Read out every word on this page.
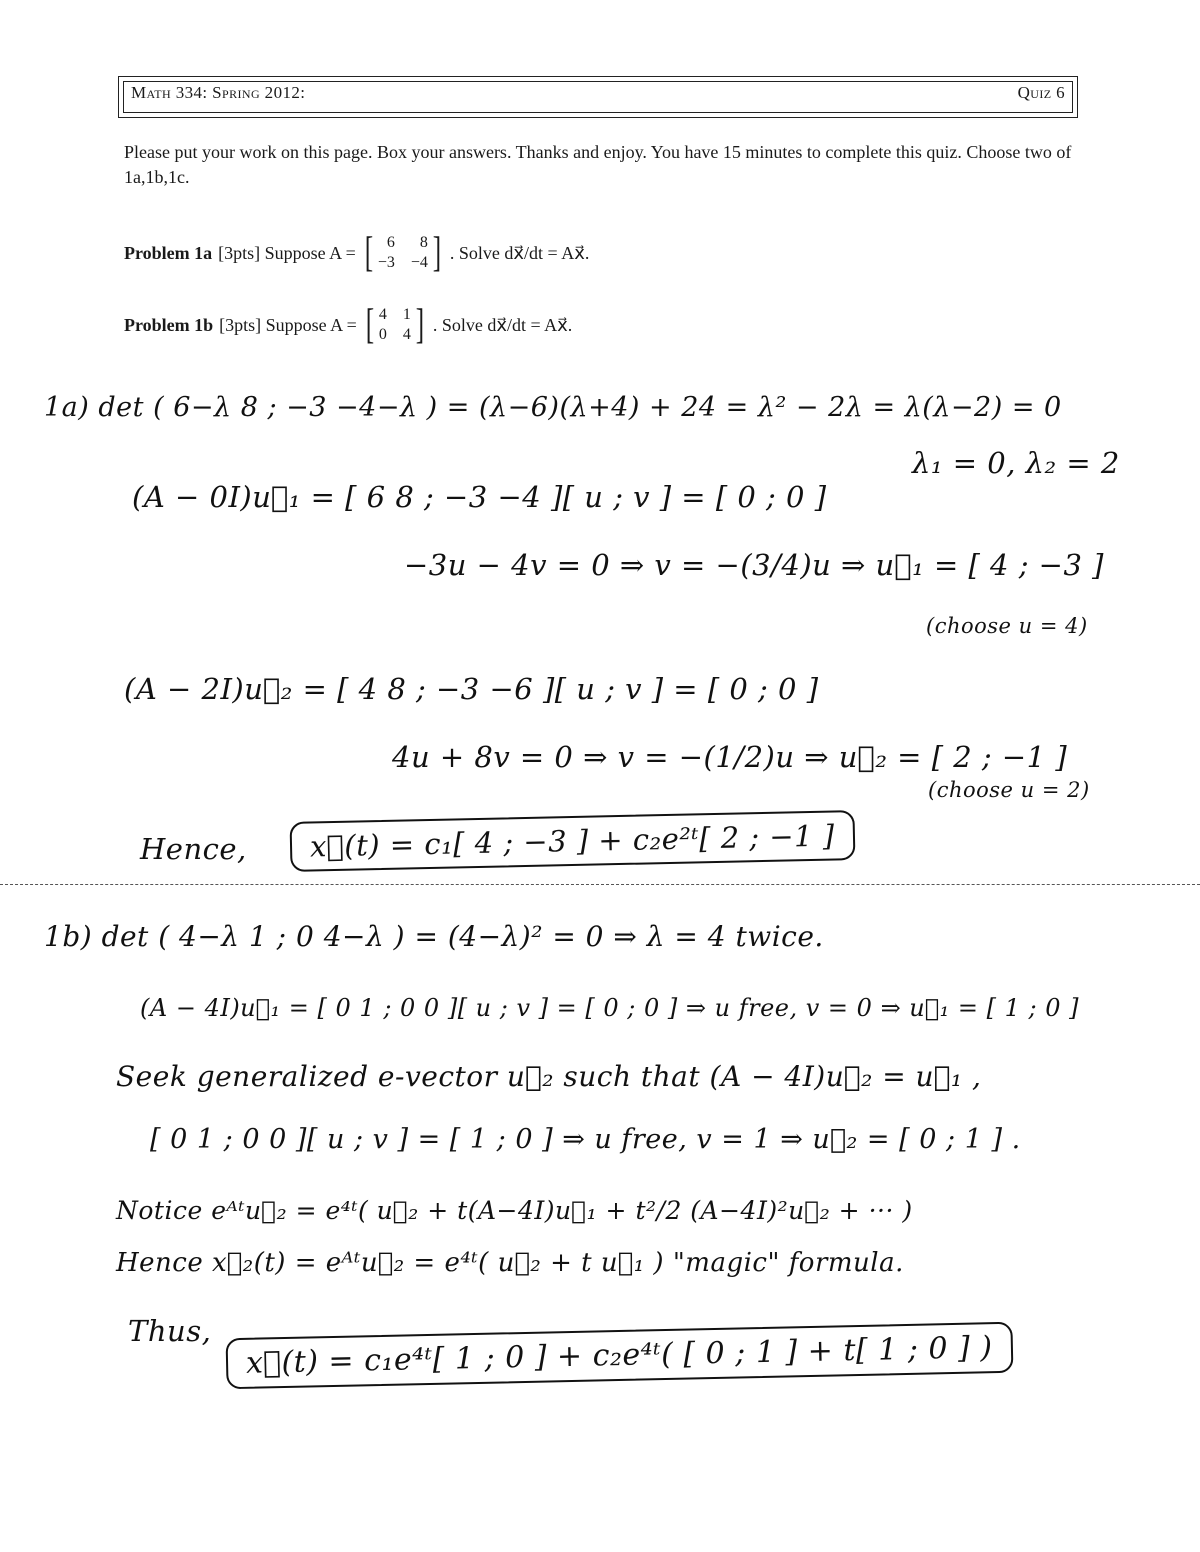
Math 334: Spring 2012:	Quiz 6
Please put your work on this page. Box your answers. Thanks and enjoy. You have 15 minutes to complete this quiz. Choose two of 1a,1b,1c.
Problem 1a [3pts] Suppose A = [ 6	8
−3 −4 ] . Solve dx⃗/dt = Ax⃗.
Problem 1b [3pts] Suppose A = [ 4 1
0 4 ] . Solve dx⃗/dt = Ax⃗.
1a) det ( 6−λ 8 ; −3 −4−λ ) = (λ−6)(λ+4) + 24 = λ² − 2λ = λ(λ−2) = 0
λ₁ = 0, λ₂ = 2
(A − 0I)u⃗₁ = [ 6 8 ; −3 −4 ][ u ; v ] = [ 0 ; 0 ]
−3u − 4v = 0 ⇒ v = −(3/4)u ⇒ u⃗₁ = [ 4 ; −3 ]
(choose u = 4)
(A − 2I)u⃗₂ = [ 4 8 ; −3 −6 ][ u ; v ] = [ 0 ; 0 ]
4u + 8v = 0 ⇒ v = −(1/2)u ⇒ u⃗₂ = [ 2 ; −1 ]
(choose u = 2)
Hence,	x⃗(t) = c₁[ 4 ; −3 ] + c₂e²ᵗ[ 2 ; −1 ]
1b) det ( 4−λ 1 ; 0 4−λ ) = (4−λ)² = 0 ⇒ λ = 4 twice.
(A − 4I)u⃗₁ = [ 0 1 ; 0 0 ][ u ; v ] = [ 0 ; 0 ] ⇒ u free, v = 0 ⇒ u⃗₁ = [ 1 ; 0 ]
Seek generalized e-vector u⃗₂ such that (A − 4I)u⃗₂ = u⃗₁ ,
[ 0 1 ; 0 0 ][ u ; v ] = [ 1 ; 0 ] ⇒ u free, v = 1 ⇒ u⃗₂ = [ 0 ; 1 ] .
Notice eᴬᵗu⃗₂ = e⁴ᵗ( u⃗₂ + t(A−4I)u⃗₁ + t²/2 (A−4I)²u⃗₂ + ··· )
Hence x⃗₂(t) = eᴬᵗu⃗₂ = e⁴ᵗ( u⃗₂ + t u⃗₁ ) "magic" formula.
Thus,	x⃗(t) = c₁e⁴ᵗ[ 1 ; 0 ] + c₂e⁴ᵗ( [ 0 ; 1 ] + t[ 1 ; 0 ] )
